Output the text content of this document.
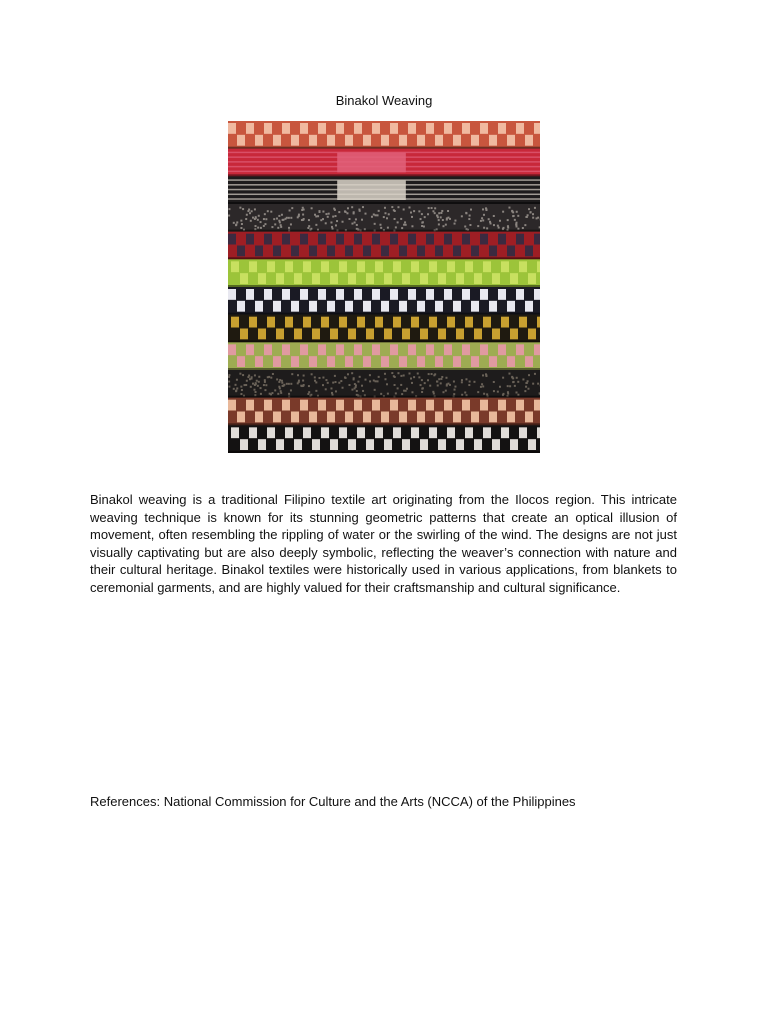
Binakol Weaving

Binakol weaving is a traditional Filipino textile art originating from the Ilocos region. This intricate weaving technique is known for its stunning geometric patterns that create an optical illusion of movement, often resembling the rippling of water or the swirling of the wind. The designs are not just visually captivating but are also deeply symbolic, reflecting the weaver’s connection with nature and their cultural heritage. Binakol textiles were historically used in various applications, from blankets to ceremonial garments, and are highly valued for their craftsmanship and cultural significance.

References: National Commission for Culture and the Arts (NCCA) of the Philippines
